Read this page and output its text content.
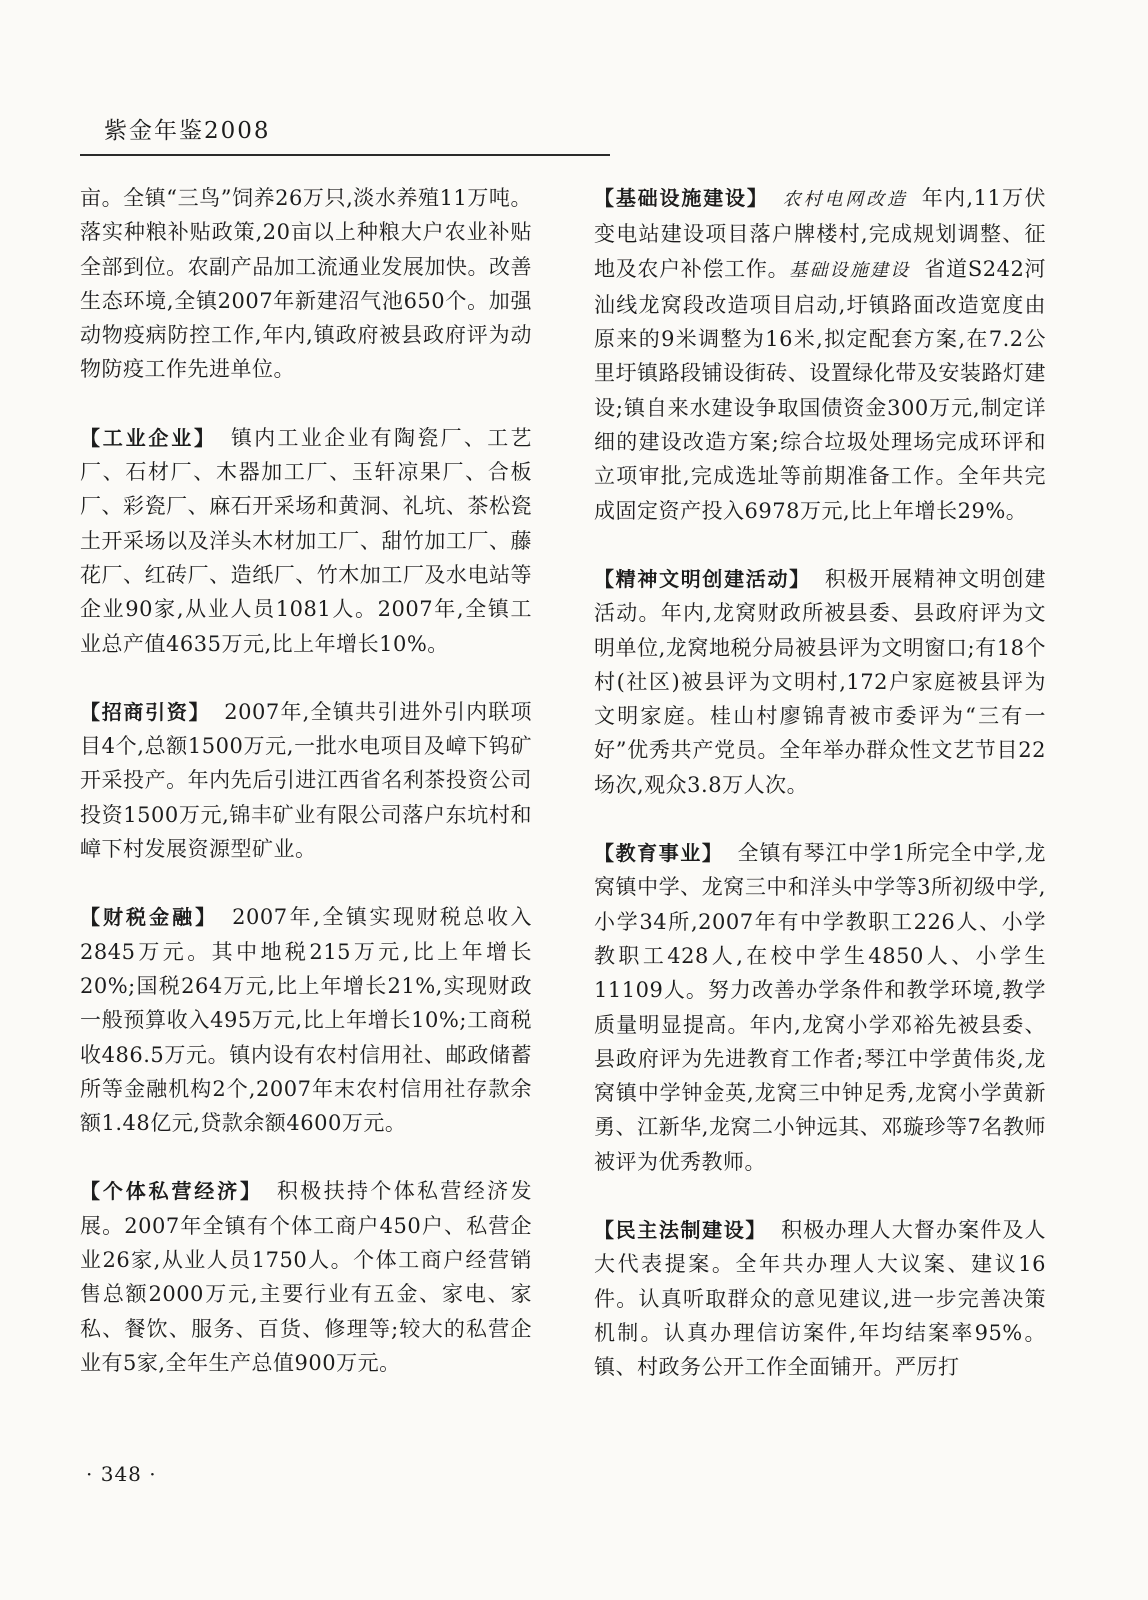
紫金年鉴2008

亩。全镇“三鸟”饲养26万只,淡水养殖11万吨。落实种粮补贴政策,20亩以上种粮大户农业补贴全部到位。农副产品加工流通业发展加快。改善生态环境,全镇2007年新建沼气池650个。加强动物疫病防控工作,年内,镇政府被县政府评为动物防疫工作先进单位。

【工业企业】 镇内工业企业有陶瓷厂、工艺厂、石材厂、木器加工厂、玉轩凉果厂、合板厂、彩瓷厂、麻石开采场和黄洞、礼坑、茶松瓷土开采场以及洋头木材加工厂、甜竹加工厂、藤花厂、红砖厂、造纸厂、竹木加工厂及水电站等企业90家,从业人员1081人。2007年,全镇工业总产值4635万元,比上年增长10%。

【招商引资】 2007年,全镇共引进外引内联项目4个,总额1500万元,一批水电项目及嶂下钨矿开采投产。年内先后引进江西省名利茶投资公司投资1500万元,锦丰矿业有限公司落户东坑村和嶂下村发展资源型矿业。

【财税金融】 2007年,全镇实现财税总收入2845万元。其中地税215万元,比上年增长20%;国税264万元,比上年增长21%,实现财政一般预算收入495万元,比上年增长10%;工商税收486.5万元。镇内设有农村信用社、邮政储蓄所等金融机构2个,2007年末农村信用社存款余额1.48亿元,贷款余额4600万元。

【个体私营经济】 积极扶持个体私营经济发展。2007年全镇有个体工商户450户、私营企业26家,从业人员1750人。个体工商户经营销售总额2000万元,主要行业有五金、家电、家私、餐饮、服务、百货、修理等;较大的私营企业有5家,全年生产总值900万元。

【基础设施建设】 农村电网改造 年内,11万伏变电站建设项目落户牌楼村,完成规划调整、征地及农户补偿工作。基础设施建设 省道S242河汕线龙窝段改造项目启动,圩镇路面改造宽度由原来的9米调整为16米,拟定配套方案,在7.2公里圩镇路段铺设街砖、设置绿化带及安装路灯建设;镇自来水建设争取国债资金300万元,制定详细的建设改造方案;综合垃圾处理场完成环评和立项审批,完成选址等前期准备工作。全年共完成固定资产投入6978万元,比上年增长29%。

【精神文明创建活动】 积极开展精神文明创建活动。年内,龙窝财政所被县委、县政府评为文明单位,龙窝地税分局被县评为文明窗口;有18个村(社区)被县评为文明村,172户家庭被县评为文明家庭。桂山村廖锦青被市委评为“三有一好”优秀共产党员。全年举办群众性文艺节目22场次,观众3.8万人次。

【教育事业】 全镇有琴江中学1所完全中学,龙窝镇中学、龙窝三中和洋头中学等3所初级中学,小学34所,2007年有中学教职工226人、小学教职工428人,在校中学生4850人、小学生11109人。努力改善办学条件和教学环境,教学质量明显提高。年内,龙窝小学邓裕先被县委、县政府评为先进教育工作者;琴江中学黄伟炎,龙窝镇中学钟金英,龙窝三中钟足秀,龙窝小学黄新勇、江新华,龙窝二小钟远其、邓璇珍等7名教师被评为优秀教师。

【民主法制建设】 积极办理人大督办案件及人大代表提案。全年共办理人大议案、建议16件。认真听取群众的意见建议,进一步完善决策机制。认真办理信访案件,年均结案率95%。镇、村政务公开工作全面铺开。严厉打

· 348 ·
